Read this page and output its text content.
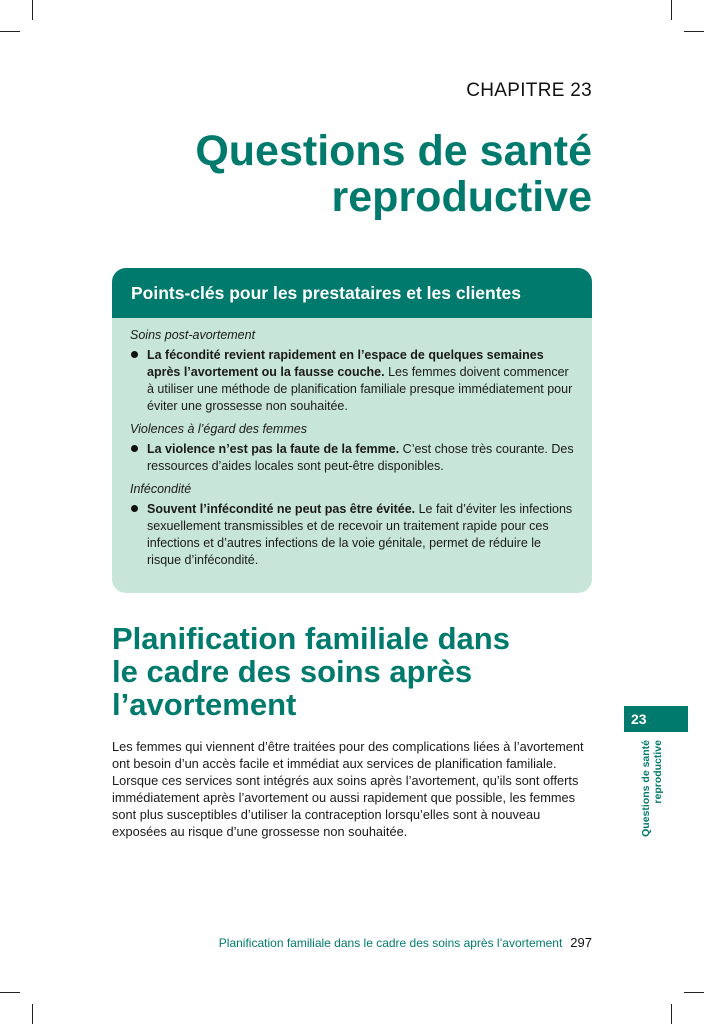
CHAPITRE 23
Questions de santé
reproductive
Points-clés pour les prestataires et les clientes
Soins post-avortement
La fécondité revient rapidement en l’espace de quelques semaines après l’avortement ou la fausse couche. Les femmes doivent commencer à utiliser une méthode de planification familiale presque immédiatement pour éviter une grossesse non souhaitée.
Violences à l’égard des femmes
La violence n’est pas la faute de la femme. C’est chose très courante. Des ressources d’aides locales sont peut-être disponibles.
Infécondité
Souvent l’infécondité ne peut pas être évitée. Le fait d’éviter les infections sexuellement transmissibles et de recevoir un traitement rapide pour ces infections et d’autres infections de la voie génitale, permet de réduire le risque d’infécondité.
Planification familiale dans
le cadre des soins après
l’avortement
Les femmes qui viennent d’être traitées pour des complications liées à l’avortement ont besoin d’un accès facile et immédiat aux services de planification familiale. Lorsque ces services sont intégrés aux soins après l’avortement, qu’ils sont offerts immédiatement après l’avortement ou aussi rapidement que possible, les femmes sont plus susceptibles d’utiliser la contraception lorsqu’elles sont à nouveau exposées au risque d’une grossesse non souhaitée.
23
Questions de santé
reproductive
Planification familiale dans le cadre des soins après l’avortement 297
